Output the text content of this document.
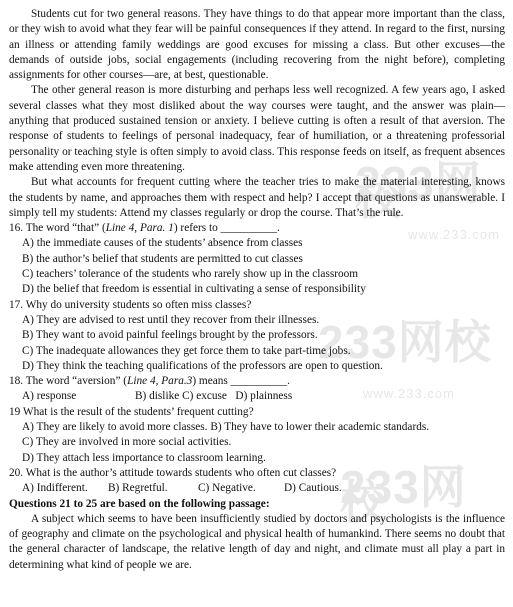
233网校
www.233.com
233网校
www.233.com
233网校

Students cut for two general reasons. They have things to do that appear more important than the class, or they wish to avoid what they fear will be painful consequences if they attend. In regard to the first, nursing an illness or attending family weddings are good excuses for missing a class. But other excuses—the demands of outside jobs, social engagements (including recovering from the night before), completing assignments for other courses—are, at best, questionable.

The other general reason is more disturbing and perhaps less well recognized. A few years ago, I asked several classes what they most disliked about the way courses were taught, and the answer was plain—anything that produced sustained tension or anxiety. I believe cutting is often a result of that aversion. The response of students to feelings of personal inadequacy, fear of humiliation, or a threatening professorial personality or teaching style is often simply to avoid class. This response feeds on itself, as frequent absences make attending even more threatening.

But what accounts for frequent cutting where the teacher tries to make the material interesting, knows the students by name, and approaches them with respect and help? I accept that questions as unanswerable. I simply tell my students: Attend my classes regularly or drop the course. That’s the rule.

16. The word “that” (Line 4, Para. 1) refers to __________.

A) the immediate causes of the students’ absence from classes

B) the author’s belief that students are permitted to cut classes

C) teachers’ tolerance of the students who rarely show up in the classroom

D) the belief that freedom is essential in cultivating a sense of responsibility

17. Why do university students so often miss classes?

A) They are advised to rest until they recover from their illnesses.

B) They want to avoid painful feelings brought by the professors.

C) The inadequate allowances they get force them to take part-time jobs.

D) They think the teaching qualifications of the professors are open to question.

18. The word “aversion” (Line 4, Para.3) means __________.

A) response	B) dislike C) excuse D) plainness

19 What is the result of the students’ frequent cutting?

A) They are likely to avoid more classes. B) They have to lower their academic standards.

C) They are involved in more social activities.

D) They attach less importance to classroom learning.

20. What is the author’s attitude towards students who often cut classes?

A) Indifferent. B) Regretful.	C) Negative.	D) Cautious.

Questions 21 to 25 are based on the following passage:

A subject which seems to have been insufficiently studied by doctors and psychologists is the influence of geography and climate on the psychological and physical health of humankind. There seems no doubt that the general character of landscape, the relative length of day and night, and climate must all play a part in determining what kind of people we are.
